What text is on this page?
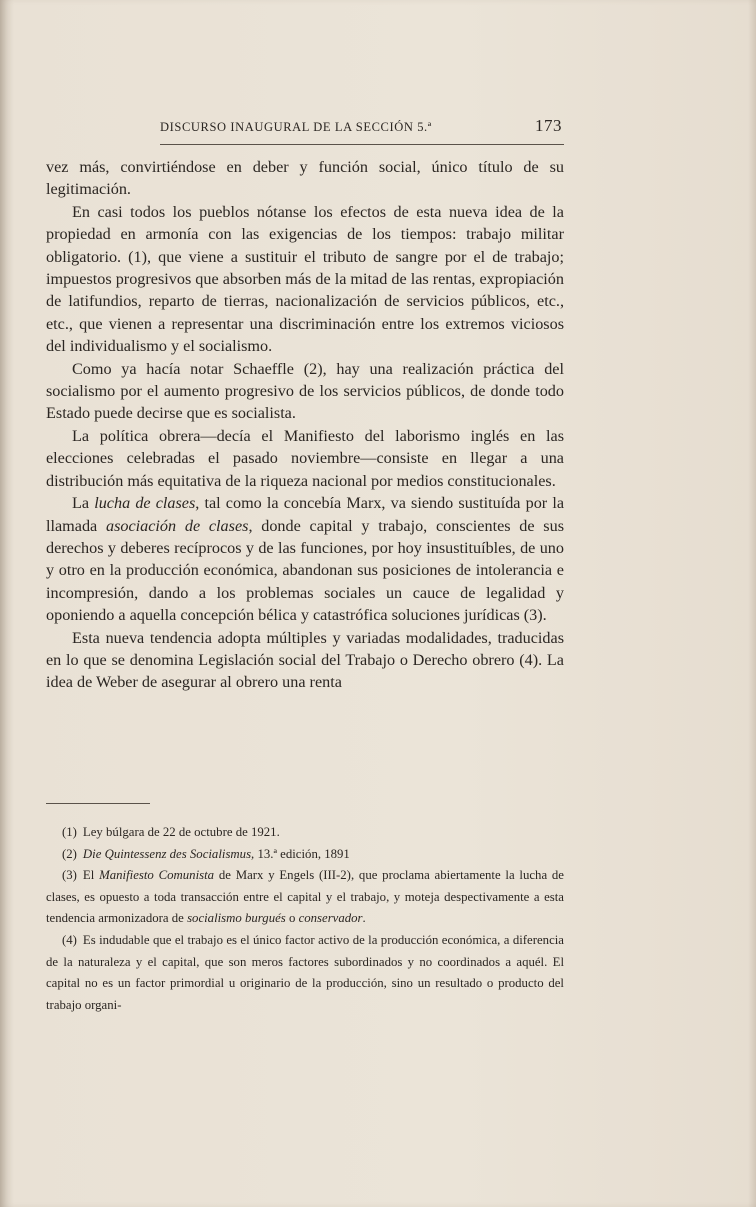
DISCURSO INAUGURAL DE LA SECCIÓN 5.ª	173

vez más, convirtiéndose en deber y función social, único título de su legitimación.

En casi todos los pueblos nótanse los efectos de esta nueva idea de la propiedad en armonía con las exigencias de los tiempos: trabajo militar obligatorio. (1), que viene a sustituir el tributo de sangre por el de trabajo; impuestos progresivos que absorben más de la mitad de las rentas, expropiación de latifundios, reparto de tierras, nacionalización de servicios públicos, etc., etc., que vienen a representar una discriminación entre los extremos viciosos del individualismo y el socialismo.

Como ya hacía notar Schaeffle (2), hay una realización práctica del socialismo por el aumento progresivo de los servicios públicos, de donde todo Estado puede decirse que es socialista.

La política obrera—decía el Manifiesto del laborismo inglés en las elecciones celebradas el pasado noviembre—consiste en llegar a una distribución más equitativa de la riqueza nacional por medios constitucionales.

La lucha de clases, tal como la concebía Marx, va siendo sustituída por la llamada asociación de clases, donde capital y trabajo, conscientes de sus derechos y deberes recíprocos y de las funciones, por hoy insustituíbles, de uno y otro en la producción económica, abandonan sus posiciones de intolerancia e incompresión, dando a los problemas sociales un cauce de legalidad y oponiendo a aquella concepción bélica y catastrófica soluciones jurídicas (3).

Esta nueva tendencia adopta múltiples y variadas modalidades, traducidas en lo que se denomina Legislación social del Trabajo o Derecho obrero (4). La idea de Weber de asegurar al obrero una renta

(1) Ley búlgara de 22 de octubre de 1921.

(2) Die Quintessenz des Socialismus, 13.ª edición, 1891

(3) El Manifiesto Comunista de Marx y Engels (III-2), que proclama abiertamente la lucha de clases, es opuesto a toda transacción entre el capital y el trabajo, y moteja despectivamente a esta tendencia armonizadora de socialismo burgués o conservador.

(4) Es indudable que el trabajo es el único factor activo de la producción económica, a diferencia de la naturaleza y el capital, que son meros factores subordinados y no coordinados a aquél. El capital no es un factor primordial u originario de la producción, sino un resultado o producto del trabajo organi-
